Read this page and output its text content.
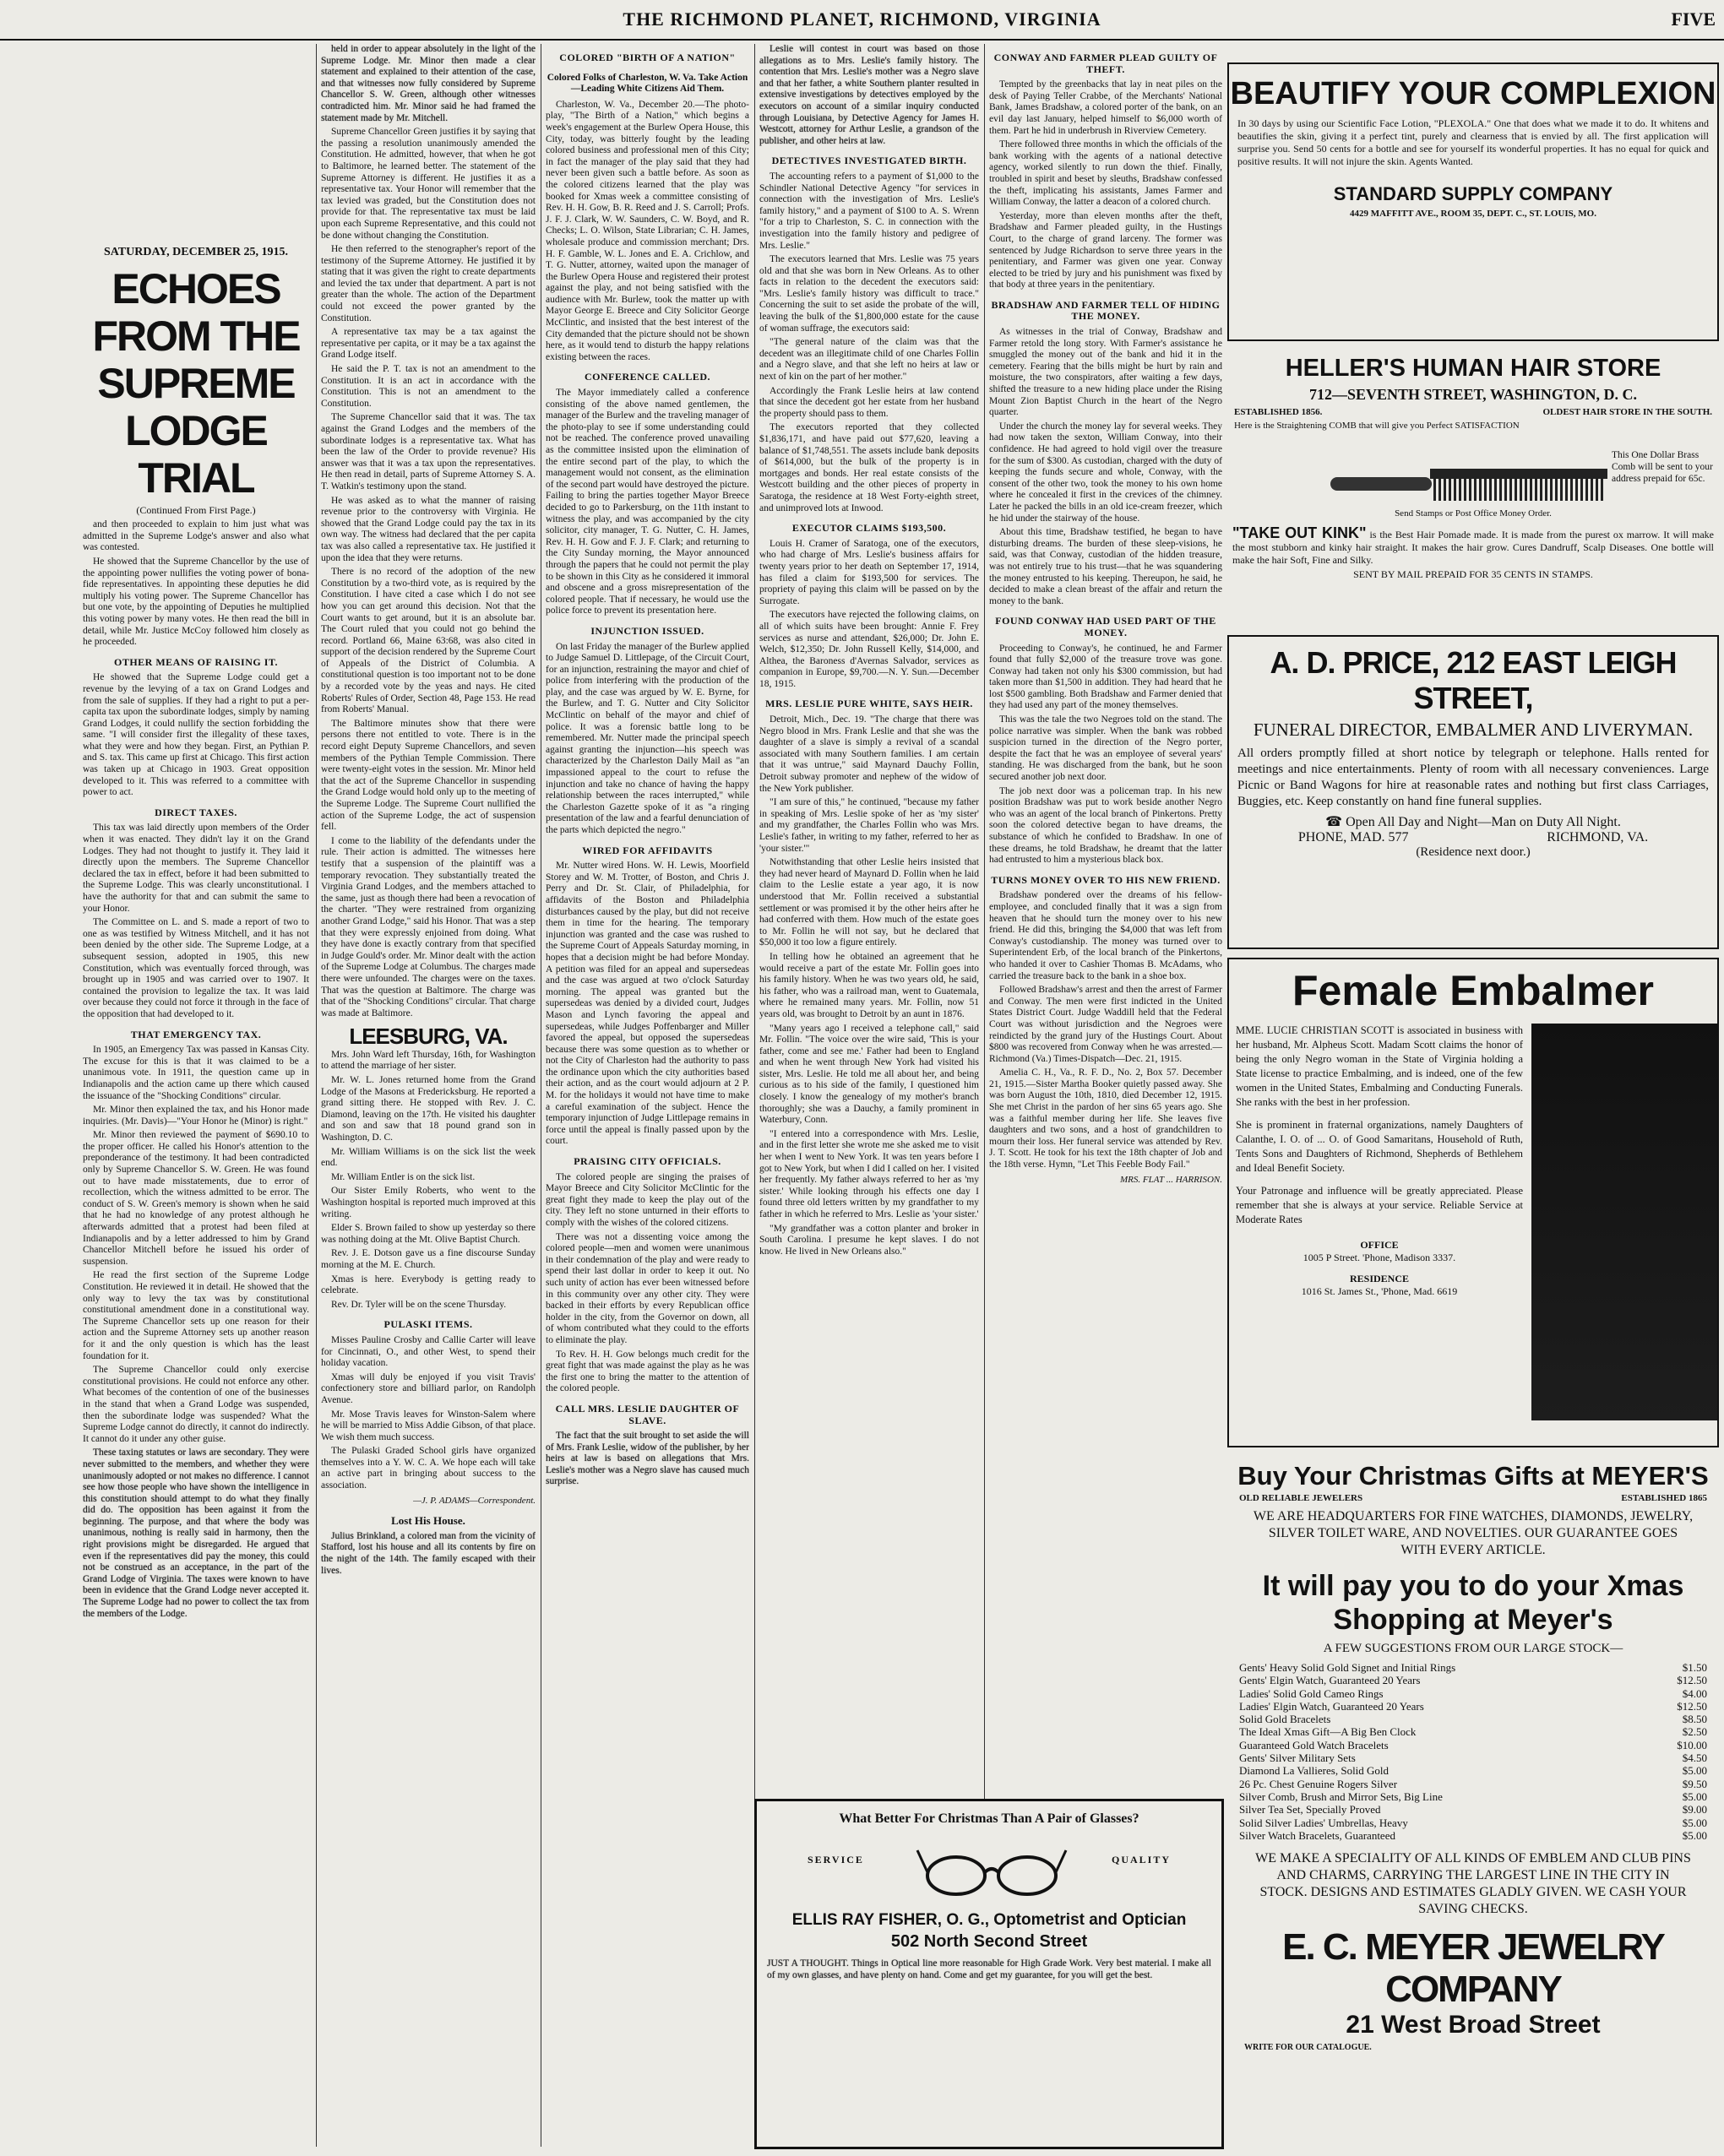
THE RICHMOND PLANET, RICHMOND, VIRGINIA	FIVE
SATURDAY, DECEMBER 25, 1915.
ECHOES FROM THE SUPREME LODGE TRIAL
(Continued From First Page.)

and then proceeded to explain to him just what was admitted in the Supreme Lodge's answer and also what was contested.

He showed that the Supreme Chancellor by the use of the appointing power nullifies the voting power of bona-fide representatives. In appointing these deputies he did multiply his voting power. The Supreme Chancellor has but one vote, by the appointing of Deputies he multiplied this voting power by many votes. He then read the bill in detail, while Mr. Justice McCoy followed him closely as he proceeded.

OTHER MEANS OF RAISING IT.

He showed that the Supreme Lodge could get a revenue by the levying of a tax on Grand Lodges and from the sale of supplies. If they had a right to put a per-capita tax upon the subordinate lodges, simply by naming Grand Lodges, it could nullify the section forbidding the same. "I will consider first the illegality of these taxes, what they were and how they began. First, an Pythian P. and S. tax. This came up first at Chicago. This first action was taken up at Chicago in 1903. Great opposition developed to it. This was referred to a committee with power to act.

DIRECT TAXES.

This tax was laid directly upon members of the Order when it was enacted. They didn't lay it on the Grand Lodges. They had not thought to justify it. They laid it directly upon the members. The Supreme Chancellor declared the tax in effect, before it had been submitted to the Supreme Lodge. This was clearly unconstitutional. I have the authority for that and can submit the same to your Honor.

The Committee on L. and S. made a report of two to one as was testified by Witness Mitchell, and it has not been denied by the other side. The Supreme Lodge, at a subsequent session, adopted in 1905, this new Constitution, which was eventually forced through, was brought up in 1905 and was carried over to 1907. It contained the provision to legalize the tax. It was laid over because they could not force it through in the face of the opposition that had developed to it.

THAT EMERGENCY TAX.

In 1905, an Emergency Tax was passed in Kansas City. The excuse for this is that it was claimed to be a unanimous vote. In 1911, the question came up in Indianapolis and the action came up there which caused the issuance of the "Shocking Conditions" circular.

Mr. Minor then explained the tax, and his Honor made inquiries. (Mr. Davis)—"Your Honor he (Minor) is right."

Mr. Minor then reviewed the payment of $690.10 to the proper officer. He called his Honor's attention to the preponderance of the testimony. It had been contradicted only by Supreme Chancellor S. W. Green. He was found out to have made misstatements, due to error of recollection, which the witness admitted to be error. The conduct of S. W. Green's memory is shown when he said that he had no knowledge of any protest although he afterwards admitted that a protest had been filed at Indianapolis and by a letter addressed to him by Grand Chancellor Mitchell before he issued his order of suspension.

He read the first section of the Supreme Lodge Constitution. He reviewed it in detail. He showed that the only way to levy the tax was by constitutional constitutional amendment done in a constitutional way. The Supreme Chancellor sets up one reason for their action and the Supreme Attorney sets up another reason for it and the only question is which has the least foundation for it.

The Supreme Chancellor could only exercise constitutional provisions. He could not enforce any other. What becomes of the contention of one of the businesses in the stand that when a Grand Lodge was suspended, then the subordinate lodge was suspended? What the Supreme Lodge cannot do directly, it cannot do indirectly. It cannot do it under any other guise.

These taxing statutes or laws are secondary. They were never submitted to the members, and whether they were unanimously adopted or not makes no difference. I cannot see how those people who have shown the intelligence in this constitution should attempt to do what they finally did do. The opposition has been against it from the beginning. The purpose, and that where the body was unanimous, nothing is really said in harmony, then the right provisions might be disregarded. He argued that even if the representatives did pay the money, this could not be construed as an acceptance, in the part of the Grand Lodge of Virginia. The taxes were known to have been in evidence that the Grand Lodge never accepted it. The Supreme Lodge had no power to collect the tax from the members of the Lodge.

held in order to appear absolutely in the light of the Supreme Lodge. Mr. Minor then made a clear statement and explained to their attention of the case, and that witnesses now fully considered by Supreme Chancellor S. W. Green, although other witnesses contradicted him. Mr. Minor said he had framed the statement made by Mr. Mitchell.

Supreme Chancellor Green justifies it by saying that the passing a resolution unanimously amended the Constitution. He admitted, however, that when he got to Baltimore, he learned better. The statement of the Supreme Attorney is different. He justifies it as a representative tax. Your Honor will remember that the tax levied was graded, but the Constitution does not provide for that. The representative tax must be laid upon each Supreme Representative, and this could not be done without changing the Constitution.

He then referred to the stenographer's report of the testimony of the Supreme Attorney. He justified it by stating that it was given the right to create departments and levied the tax under that department. A part is not greater than the whole. The action of the Department could not exceed the power granted by the Constitution.

A representative tax may be a tax against the representative per capita, or it may be a tax against the Grand Lodge itself.

He said the P. T. tax is not an amendment to the Constitution. It is an act in accordance with the Constitution. This is not an amendment to the Constitution.

The Supreme Chancellor said that it was. The tax against the Grand Lodges and the members of the subordinate lodges is a representative tax. What has been the law of the Order to provide revenue? His answer was that it was a tax upon the representatives. He then read in detail, parts of Supreme Attorney S. A. T. Watkin's testimony upon the stand.

He was asked as to what the manner of raising revenue prior to the controversy with Virginia. He showed that the Grand Lodge could pay the tax in its own way. The witness had declared that the per capita tax was also called a representative tax. He justified it upon the idea that they were returns.

There is no record of the adoption of the new Constitution by a two-third vote, as is required by the Constitution. I have cited a case which I do not see how you can get around this decision. Not that the Court wants to get around, but it is an absolute bar. The Court ruled that you could not go behind the record. Portland 66, Maine 63:68, was also cited in support of the decision rendered by the Supreme Court of Appeals of the District of Columbia. A constitutional question is too important not to be done by a recorded vote by the yeas and nays. He cited Roberts' Rules of Order, Section 48, Page 153. He read from Roberts' Manual.

The Baltimore minutes show that there were persons there not entitled to vote. There is in the record eight Deputy Supreme Chancellors, and seven members of the Pythian Temple Commission. There were twenty-eight votes in the session. Mr. Minor held that the act of the Supreme Chancellor in suspending the Grand Lodge would hold only up to the meeting of the Supreme Lodge. The Supreme Court nullified the action of the Supreme Lodge, the act of suspension fell.

I come to the liability of the defendants under the rule. Their action is admitted. The witnesses here testify that a suspension of the plaintiff was a temporary revocation. They substantially treated the Virginia Grand Lodges, and the members attached to the same, just as though there had been a revocation of the charter. "They were restrained from organizing another Grand Lodge," said his Honor. That was a step that they were expressly enjoined from doing. What they have done is exactly contrary from that specified in Judge Gould's order. Mr. Minor dealt with the action of the Supreme Lodge at Columbus. The charges made there were unfounded. The charges were on the taxes. That was the question at Baltimore. The charge was that of the "Shocking Conditions" circular. That charge was made at Baltimore.

LEESBURG, VA.

Mrs. John Ward left Thursday, 16th, for Washington to attend the marriage of her sister.

Mr. W. L. Jones returned home from the Grand Lodge of the Masons at Fredericksburg. He reported a grand sitting there. He stopped with Rev. J. C. Diamond, leaving on the 17th. He visited his daughter and son and saw that 18 pound grand son in Washington, D. C.

Mr. William Williams is on the sick list the week end.

Mr. William Entler is on the sick list.

Our Sister Emily Roberts, who went to the Washington hospital is reported much improved at this writing.

Elder S. Brown failed to show up yesterday so there was nothing doing at the Mt. Olive Baptist Church.

Rev. J. E. Dotson gave us a fine discourse Sunday morning at the M. E. Church.

Xmas is here. Everybody is getting ready to celebrate.

Rev. Dr. Tyler will be on the scene Thursday.

PULASKI ITEMS.

Misses Pauline Crosby and Callie Carter will leave for Cincinnati, O., and other West, to spend their holiday vacation.

Xmas will duly be enjoyed if you visit Travis' confectionery store and billiard parlor, on Randolph Avenue.

Mr. Mose Travis leaves for Winston-Salem where he will be married to Miss Addie Gibson, of that place. We wish them much success.

The Pulaski Graded School girls have organized themselves into a Y. W. C. A. We hope each will take an active part in bringing about success to the association.

—J. P. ADAMS—Correspondent.
Lost His House.

Julius Brinkland, a colored man from the vicinity of Stafford, lost his house and all its contents by fire on the night of the 14th. The family escaped with their lives.

COLORED "BIRTH OF A NATION"
Colored Folks of Charleston, W. Va. Take Action—Leading White Citizens Aid Them.

Charleston, W. Va., December 20.—The photo-play, "The Birth of a Nation," which begins a week's engagement at the Burlew Opera House, this City, today, was bitterly fought by the leading colored business and professional men of this City; in fact the manager of the play said that they had never been given such a battle before. As soon as the colored citizens learned that the play was booked for Xmas week a committee consisting of Rev. H. H. Gow, B. R. Reed and J. S. Carroll; Profs. J. F. J. Clark, W. W. Saunders, C. W. Boyd, and R. Checks; L. O. Wilson, State Librarian; C. H. James, wholesale produce and commission merchant; Drs. H. F. Gamble, W. L. Jones and E. A. Crichlow, and T. G. Nutter, attorney, waited upon the manager of the Burlew Opera House and registered their protest against the play, and not being satisfied with the audience with Mr. Burlew, took the matter up with Mayor George E. Breece and City Solicitor George McClintic, and insisted that the best interest of the City demanded that the picture should not be shown here, as it would tend to disturb the happy relations existing between the races.

CONFERENCE CALLED.

The Mayor immediately called a conference consisting of the above named gentlemen, the manager of the Burlew and the traveling manager of the photo-play to see if some understanding could not be reached. The conference proved unavailing as the committee insisted upon the elimination of the entire second part of the play, to which the management would not consent, as the elimination of the second part would have destroyed the picture. Failing to bring the parties together Mayor Breece decided to go to Parkersburg, on the 11th instant to witness the play, and was accompanied by the city solicitor, city manager, T. G. Nutter, C. H. James, Rev. H. H. Gow and F. J. F. Clark; and returning to the City Sunday morning, the Mayor announced through the papers that he could not permit the play to be shown in this City as he considered it immoral and obscene and a gross misrepresentation of the colored people. That if necessary, he would use the police force to prevent its presentation here.

INJUNCTION ISSUED.

On last Friday the manager of the Burlew applied to Judge Samuel D. Littlepage, of the Circuit Court, for an injunction, restraining the mayor and chief of police from interfering with the production of the play, and the case was argued by W. E. Byrne, for the Burlew, and T. G. Nutter and City Solicitor McClintic on behalf of the mayor and chief of police. It was a forensic battle long to be remembered. Mr. Nutter made the principal speech against granting the injunction—his speech was characterized by the Charleston Daily Mail as "an impassioned appeal to the court to refuse the injunction and take no chance of having the happy relationship between the races interrupted," while the Charleston Gazette spoke of it as "a ringing presentation of the law and a fearful denunciation of the parts which depicted the negro."

WIRED FOR AFFIDAVITS

Mr. Nutter wired Hons. W. H. Lewis, Moorfield Storey and W. M. Trotter, of Boston, and Chris J. Perry and Dr. St. Clair, of Philadelphia, for affidavits of the Boston and Philadelphia disturbances caused by the play, but did not receive them in time for the hearing. The temporary injunction was granted and the case was rushed to the Supreme Court of Appeals Saturday morning, in hopes that a decision might be had before Monday. A petition was filed for an appeal and supersedeas and the case was argued at two o'clock Saturday morning. The appeal was granted but the supersedeas was denied by a divided court, Judges Mason and Lynch favoring the appeal and supersedeas, while Judges Poffenbarger and Miller favored the appeal, but opposed the supersedeas because there was some question as to whether or not the City of Charleston had the authority to pass the ordinance upon which the city authorities based their action, and as the court would adjourn at 2 P. M. for the holidays it would not have time to make a careful examination of the subject. Hence the temporary injunction of Judge Littlepage remains in force until the appeal is finally passed upon by the court.

PRAISING CITY OFFICIALS.

The colored people are singing the praises of Mayor Breece and City Solicitor McClintic for the great fight they made to keep the play out of the city. They left no stone unturned in their efforts to comply with the wishes of the colored citizens.

There was not a dissenting voice among the colored people—men and women were unanimous in their condemnation of the play and were ready to spend their last dollar in order to keep it out. No such unity of action has ever been witnessed before in this community over any other city. They were backed in their efforts by every Republican office holder in the city, from the Governor on down, all of whom contributed what they could to the efforts to eliminate the play.

To Rev. H. H. Gow belongs much credit for the great fight that was made against the play as he was the first one to bring the matter to the attention of the colored people.

CALL MRS. LESLIE DAUGHTER OF SLAVE.

The fact that the suit brought to set aside the will of Mrs. Frank Leslie, widow of the publisher, by her heirs at law is based on allegations that Mrs. Leslie's mother was a Negro slave has caused much surprise.

Leslie will contest in court was based on those allegations as to Mrs. Leslie's family history. The contention that Mrs. Leslie's mother was a Negro slave and that her father, a white Southern planter resulted in extensive investigations by detectives employed by the executors on account of a similar inquiry conducted through Louisiana, by Detective Agency for James H. Westcott, attorney for Arthur Leslie, a grandson of the publisher, and other heirs at law.

DETECTIVES INVESTIGATED BIRTH.

The accounting refers to a payment of $1,000 to the Schindler National Detective Agency "for services in connection with the investigation of Mrs. Leslie's family history," and a payment of $100 to A. S. Wrenn "for a trip to Charleston, S. C. in connection with the investigation into the family history and pedigree of Mrs. Leslie."

The executors learned that Mrs. Leslie was 75 years old and that she was born in New Orleans. As to other facts in relation to the decedent the executors said: "Mrs. Leslie's family history was difficult to trace." Concerning the suit to set aside the probate of the will, leaving the bulk of the $1,800,000 estate for the cause of woman suffrage, the executors said:

"The general nature of the claim was that the decedent was an illegitimate child of one Charles Follin and a Negro slave, and that she left no heirs at law or next of kin on the part of her mother."

Accordingly the Frank Leslie heirs at law contend that since the decedent got her estate from her husband the property should pass to them.

The executors reported that they collected $1,836,171, and have paid out $77,620, leaving a balance of $1,748,551. The assets include bank deposits of $614,000, but the bulk of the property is in mortgages and bonds. Her real estate consists of the Westcott building and the other pieces of property in Saratoga, the residence at 18 West Forty-eighth street, and unimproved lots at Inwood.

EXECUTOR CLAIMS $193,500.

Louis H. Cramer of Saratoga, one of the executors, who had charge of Mrs. Leslie's business affairs for twenty years prior to her death on September 17, 1914, has filed a claim for $193,500 for services. The propriety of paying this claim will be passed on by the Surrogate.

The executors have rejected the following claims, on all of which suits have been brought: Annie F. Frey services as nurse and attendant, $26,000; Dr. John E. Welch, $12,350; Dr. John Russell Kelly, $14,000, and Althea, the Baroness d'Avernas Salvador, services as companion in Europe, $9,700.—N. Y. Sun.—December 18, 1915.

MRS. LESLIE PURE WHITE, SAYS HEIR.

Detroit, Mich., Dec. 19. "The charge that there was Negro blood in Mrs. Frank Leslie and that she was the daughter of a slave is simply a revival of a scandal associated with many Southern families. I am certain that it was untrue," said Maynard Dauchy Follin, Detroit subway promoter and nephew of the widow of the New York publisher.

"I am sure of this," he continued, "because my father in speaking of Mrs. Leslie spoke of her as 'my sister' and my grandfather, the Charles Follin who was Mrs. Leslie's father, in writing to my father, referred to her as 'your sister.'"

Notwithstanding that other Leslie heirs insisted that they had never heard of Maynard D. Follin when he laid claim to the Leslie estate a year ago, it is now understood that Mr. Follin received a substantial settlement or was promised it by the other heirs after he had conferred with them. How much of the estate goes to Mr. Follin he will not say, but he declared that $50,000 it too low a figure entirely.

In telling how he obtained an agreement that he would receive a part of the estate Mr. Follin goes into his family history. When he was two years old, he said, his father, who was a railroad man, went to Guatemala, where he remained many years. Mr. Follin, now 51 years old, was brought to Detroit by an aunt in 1876.

"Many years ago I received a telephone call," said Mr. Follin. "The voice over the wire said, 'This is your father, come and see me.' Father had been to England and when he went through New York had visited his sister, Mrs. Leslie. He told me all about her, and being curious as to his side of the family, I questioned him closely. I know the genealogy of my mother's branch thoroughly; she was a Dauchy, a family prominent in Waterbury, Conn.

"I entered into a correspondence with Mrs. Leslie, and in the first letter she wrote me she asked me to visit her when I went to New York. It was ten years before I got to New York, but when I did I called on her. I visited her frequently. My father always referred to her as 'my sister.' While looking through his effects one day I found three old letters written by my grandfather to my father in which he referred to Mrs. Leslie as 'your sister.'

"My grandfather was a cotton planter and broker in South Carolina. I presume he kept slaves. I do not know. He lived in New Orleans also."

CONWAY AND FARMER PLEAD GUILTY OF THEFT.

Tempted by the greenbacks that lay in neat piles on the desk of Paying Teller Crabbe, of the Merchants' National Bank, James Bradshaw, a colored porter of the bank, on an evil day last January, helped himself to $6,000 worth of them. Part he hid in underbrush in Riverview Cemetery.

There followed three months in which the officials of the bank working with the agents of a national detective agency, worked silently to run down the thief. Finally, troubled in spirit and beset by sleuths, Bradshaw confessed the theft, implicating his assistants, James Farmer and William Conway, the latter a deacon of a colored church.

Yesterday, more than eleven months after the theft, Bradshaw and Farmer pleaded guilty, in the Hustings Court, to the charge of grand larceny. The former was sentenced by Judge Richardson to serve three years in the penitentiary, and Farmer was given one year. Conway elected to be tried by jury and his punishment was fixed by that body at three years in the penitentiary.

BRADSHAW AND FARMER TELL OF HIDING THE MONEY.

As witnesses in the trial of Conway, Bradshaw and Farmer retold the long story. With Farmer's assistance he smuggled the money out of the bank and hid it in the cemetery. Fearing that the bills might be hurt by rain and moisture, the two conspirators, after waiting a few days, shifted the treasure to a new hiding place under the Rising Mount Zion Baptist Church in the heart of the Negro quarter.

Under the church the money lay for several weeks. They had now taken the sexton, William Conway, into their confidence. He had agreed to hold vigil over the treasure for the sum of $300. As custodian, charged with the duty of keeping the funds secure and whole, Conway, with the consent of the other two, took the money to his own home where he concealed it first in the crevices of the chimney. Later he packed the bills in an old ice-cream freezer, which he hid under the stairway of the house.

About this time, Bradshaw testified, he began to have disturbing dreams. The burden of these sleep-visions, he said, was that Conway, custodian of the hidden treasure, was not entirely true to his trust—that he was squandering the money entrusted to his keeping. Thereupon, he said, he decided to make a clean breast of the affair and return the money to the bank.

FOUND CONWAY HAD USED PART OF THE MONEY.

Proceeding to Conway's, he continued, he and Farmer found that fully $2,000 of the treasure trove was gone. Conway had taken not only his $300 commission, but had taken more than $1,500 in addition. They had heard that he lost $500 gambling. Both Bradshaw and Farmer denied that they had used any part of the money themselves.

This was the tale the two Negroes told on the stand. The police narrative was simpler. When the bank was robbed suspicion turned in the direction of the Negro porter, despite the fact that he was an employee of several years' standing. He was discharged from the bank, but he soon secured another job next door.

The job next door was a policeman trap. In his new position Bradshaw was put to work beside another Negro who was an agent of the local branch of Pinkertons. Pretty soon the colored detective began to have dreams, the substance of which he confided to Bradshaw. In one of these dreams, he told Bradshaw, he dreamt that the latter had entrusted to him a mysterious black box.

TURNS MONEY OVER TO HIS NEW FRIEND.

Bradshaw pondered over the dreams of his fellow-employee, and concluded finally that it was a sign from heaven that he should turn the money over to his new friend. He did this, bringing the $4,000 that was left from Conway's custodianship. The money was turned over to Superintendent Erb, of the local branch of the Pinkertons, who handed it over to Cashier Thomas B. McAdams, who carried the treasure back to the bank in a shoe box.

Followed Bradshaw's arrest and then the arrest of Farmer and Conway. The men were first indicted in the United States District Court. Judge Waddill held that the Federal Court was without jurisdiction and the Negroes were reindicted by the grand jury of the Hustings Court. About $800 was recovered from Conway when he was arrested.—Richmond (Va.) Times-Dispatch—Dec. 21, 1915.

Amelia C. H., Va., R. F. D., No. 2, Box 57. December 21, 1915.—Sister Martha Booker quietly passed away. She was born August the 10th, 1810, died December 12, 1915. She met Christ in the pardon of her sins 65 years ago. She was a faithful member during her life. She leaves five daughters and two sons, and a host of grandchildren to mourn their loss. Her funeral service was attended by Rev. J. T. Scott. He took for his text the 18th chapter of Job and the 18th verse. Hymn, "Let This Feeble Body Fail."

MRS. FLAT ... HARRISON.
What Better For Christmas Than A Pair of Glasses?
SERVICE	QUALITY
ELLIS RAY FISHER, O. G., Optometrist and Optician
502 North Second Street
JUST A THOUGHT. Things in Optical line more reasonable for High Grade Work. Very best material. I make all of my own glasses, and have plenty on hand. Come and get my guarantee, for you will get the best.
BEAUTIFY YOUR COMPLEXION
In 30 days by using our Scientific Face Lotion, "PLEXOLA." One that does what we made it to do. It whitens and beautifies the skin, giving it a perfect tint, purely and clearness that is envied by all. The first application will surprise you. Send 50 cents for a bottle and see for yourself its wonderful properties. It has no equal for quick and positive results. It will not injure the skin. Agents Wanted.
STANDARD SUPPLY COMPANY
4429 MAFFITT AVE., ROOM 35, DEPT. C., ST. LOUIS, MO.
HELLER'S HUMAN HAIR STORE
712—SEVENTH STREET, WASHINGTON, D. C.
ESTABLISHED 1856.	OLDEST HAIR STORE IN THE SOUTH.
Here is the Straightening COMB that will give you Perfect SATISFACTION
This One Dollar Brass Comb will be sent to your address prepaid for 65c.
Send Stamps or Post Office Money Order.
"TAKE OUT KINK" is the Best Hair Pomade made. It is made from the purest ox marrow. It will make the most stubborn and kinky hair straight. It makes the hair grow. Cures Dandruff, Scalp Diseases. One bottle will make the hair Soft, Fine and Silky.
SENT BY MAIL PREPAID FOR 35 CENTS IN STAMPS.
A. D. PRICE, 212 EAST LEIGH STREET,
FUNERAL DIRECTOR, EMBALMER AND LIVERYMAN.
All orders promptly filled at short notice by telegraph or telephone. Halls rented for meetings and nice entertainments. Plenty of room with all necessary conveniences. Large Picnic or Band Wagons for hire at reasonable rates and nothing but first class Carriages, Buggies, etc. Keep constantly on hand fine funeral supplies.
☎ Open All Day and Night—Man on Duty All Night.
PHONE, MAD. 577	RICHMOND, VA.
(Residence next door.)
Female Embalmer
MME. LUCIE CHRISTIAN SCOTT is associated in business with her husband, Mr. Alpheus Scott. Madam Scott claims the honor of being the only Negro woman in the State of Virginia holding a State license to practice Embalming, and is indeed, one of the few women in the United States, Embalming and Conducting Funerals. She ranks with the best in her profession.
She is prominent in fraternal organizations, namely Daughters of Calanthe, I. O. of ... O. of Good Samaritans, Household of Ruth, Tents Sons and Daughters of Richmond, Shepherds of Bethlehem and Ideal Benefit Society.
Your Patronage and influence will be greatly appreciated. Please remember that she is always at your service. Reliable Service at Moderate Rates
OFFICE
1005 P Street. 'Phone, Madison 3337.
RESIDENCE
1016 St. James St., 'Phone, Mad. 6619
Buy Your Christmas Gifts at MEYER'S
OLD RELIABLE JEWELERS	ESTABLISHED 1865
WE ARE HEADQUARTERS FOR FINE WATCHES, DIAMONDS, JEWELRY, SILVER TOILET WARE, AND NOVELTIES. OUR GUARANTEE GOES WITH EVERY ARTICLE.
It will pay you to do your Xmas Shopping at Meyer's
A FEW SUGGESTIONS FROM OUR LARGE STOCK—
Gents' Heavy Solid Gold Signet and Initial Rings	$1.50
Gents' Elgin Watch, Guaranteed 20 Years	$12.50
Ladies' Solid Gold Cameo Rings	$4.00
Ladies' Elgin Watch, Guaranteed 20 Years	$12.50
Solid Gold Bracelets	$8.50
The Ideal Xmas Gift—A Big Ben Clock	$2.50
Guaranteed Gold Watch Bracelets	$10.00
Gents' Silver Military Sets	$4.50
Diamond La Vallieres, Solid Gold	$5.00
26 Pc. Chest Genuine Rogers Silver	$9.50
Silver Comb, Brush and Mirror Sets, Big Line	$5.00
Silver Tea Set, Specially Proved	$9.00
Solid Silver Ladies' Umbrellas, Heavy	$5.00
Silver Watch Bracelets, Guaranteed	$5.00
WE MAKE A SPECIALITY OF ALL KINDS OF EMBLEM AND CLUB PINS AND CHARMS, CARRYING THE LARGEST LINE IN THE CITY IN STOCK. DESIGNS AND ESTIMATES GLADLY GIVEN. WE CASH YOUR SAVING CHECKS.
E. C. MEYER JEWELRY COMPANY
21 West Broad Street
WRITE FOR OUR CATALOGUE.
